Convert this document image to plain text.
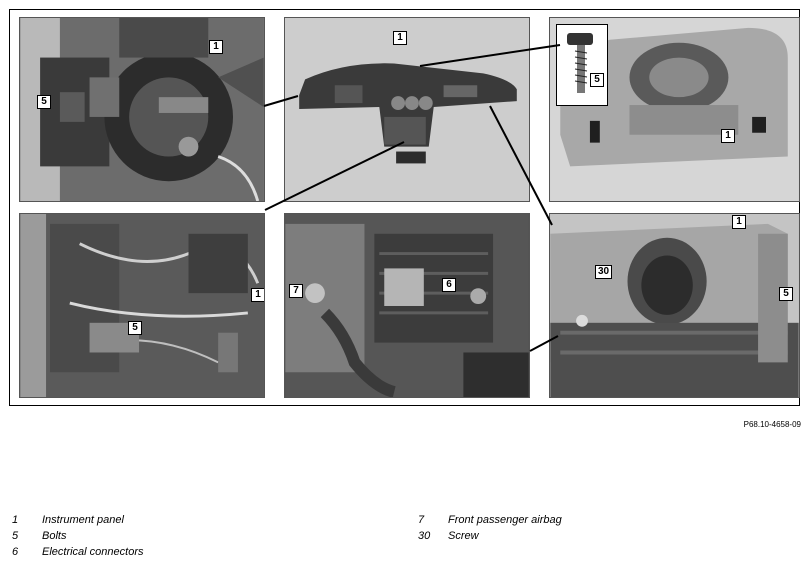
1
5
1
5
1
5
1	7
6
1
30
5
P68.10-4658-09
1	Instrument panel
5	Bolts
6	Electrical connectors
7	Front passenger airbag
30	Screw
